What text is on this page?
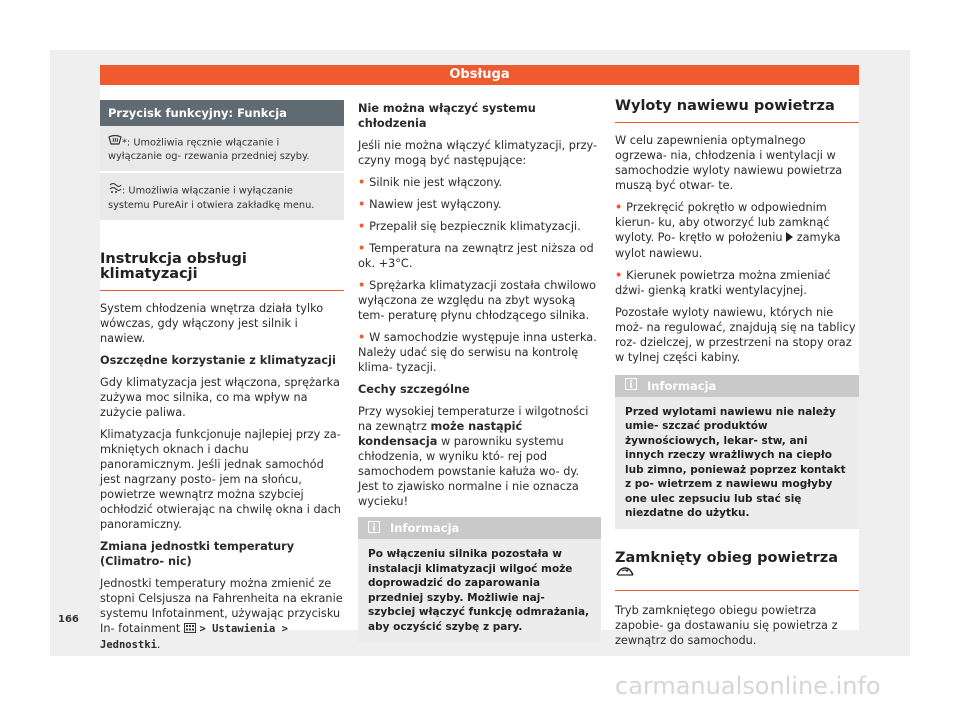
Obsługa
Przycisk funkcyjny: Funkcja
*: Umożliwia ręcznie włączanie i wyłączanie og- rzewania przedniej szyby.
: Umożliwia włączanie i wyłączanie systemu PureAir i otwiera zakładkę menu.
Instrukcja obsługi klimatyzacji

System chłodzenia wnętrza działa tylko wówczas, gdy włączony jest silnik i nawiew.

Oszczędne korzystanie z klimatyzacji

Gdy klimatyzacja jest włączona, sprężarka zużywa moc silnika, co ma wpływ na zużycie paliwa.

Klimatyzacja funkcjonuje najlepiej przy za- mkniętych oknach i dachu panoramicznym. Jeśli jednak samochód jest nagrzany posto- jem na słońcu, powietrze wewnątrz można szybciej ochłodzić otwierając na chwilę okna i dach panoramiczny.

Zmiana jednostki temperatury (Climatro- nic)

Jednostki temperatury można zmienić ze stopni Celsjusza na Fahrenheita na ekranie systemu Infotainment, używając przycisku In- fotainment > Ustawienia > Jednostki.

Nie można włączyć systemu chłodzenia

Jeśli nie można włączyć klimatyzacji, przy- czyny mogą być następujące:

• Silnik nie jest włączony.

• Nawiew jest wyłączony.

• Przepalił się bezpiecznik klimatyzacji.

• Temperatura na zewnątrz jest niższa od ok. +3°C.

• Sprężarka klimatyzacji została chwilowo wyłączona ze względu na zbyt wysoką tem- peraturę płynu chłodzącego silnika.

• W samochodzie występuje inna usterka. Należy udać się do serwisu na kontrolę klima- tyzacji.

Cechy szczególne

Przy wysokiej temperaturze i wilgotności na zewnątrz może nastąpić kondensacja w parowniku systemu chłodzenia, w wyniku któ- rej pod samochodem powstanie kałuża wo- dy. Jest to zjawisko normalne i nie oznacza wycieku!

Informacja
Po włączeniu silnika pozostała w instalacji klimatyzacji wilgoć może doprowadzić do zaparowania przedniej szyby. Możliwie naj- szybciej włączyć funkcję odmrażania, aby oczyścić szybę z pary.
Wyloty nawiewu powietrza

W celu zapewnienia optymalnego ogrzewa- nia, chłodzenia i wentylacji w samochodzie wyloty nawiewu powietrza muszą być otwar- te.

• Przekręcić pokrętło w odpowiednim kierun- ku, aby otworzyć lub zamknąć wyloty. Po- krętło w położeniu zamyka wylot nawiewu.

• Kierunek powietrza można zmieniać dźwi- gienką kratki wentylacyjnej.

Pozostałe wyloty nawiewu, których nie moż- na regulować, znajdują się na tablicy roz- dzielczej, w przestrzeni na stopy oraz w tylnej części kabiny.

Informacja
Przed wylotami nawiewu nie należy umie- szczać produktów żywnościowych, lekar- stw, ani innych rzeczy wrażliwych na ciepło lub zimno, ponieważ poprzez kontakt z po- wietrzem z nawiewu mogłyby one ulec zepsuciu lub stać się niezdatne do użytku.
Zamknięty obieg powietrza

Tryb zamkniętego obiegu powietrza zapobie- ga dostawaniu się powietrza z zewnątrz do samochodu.

166
carmanualsonline.info
